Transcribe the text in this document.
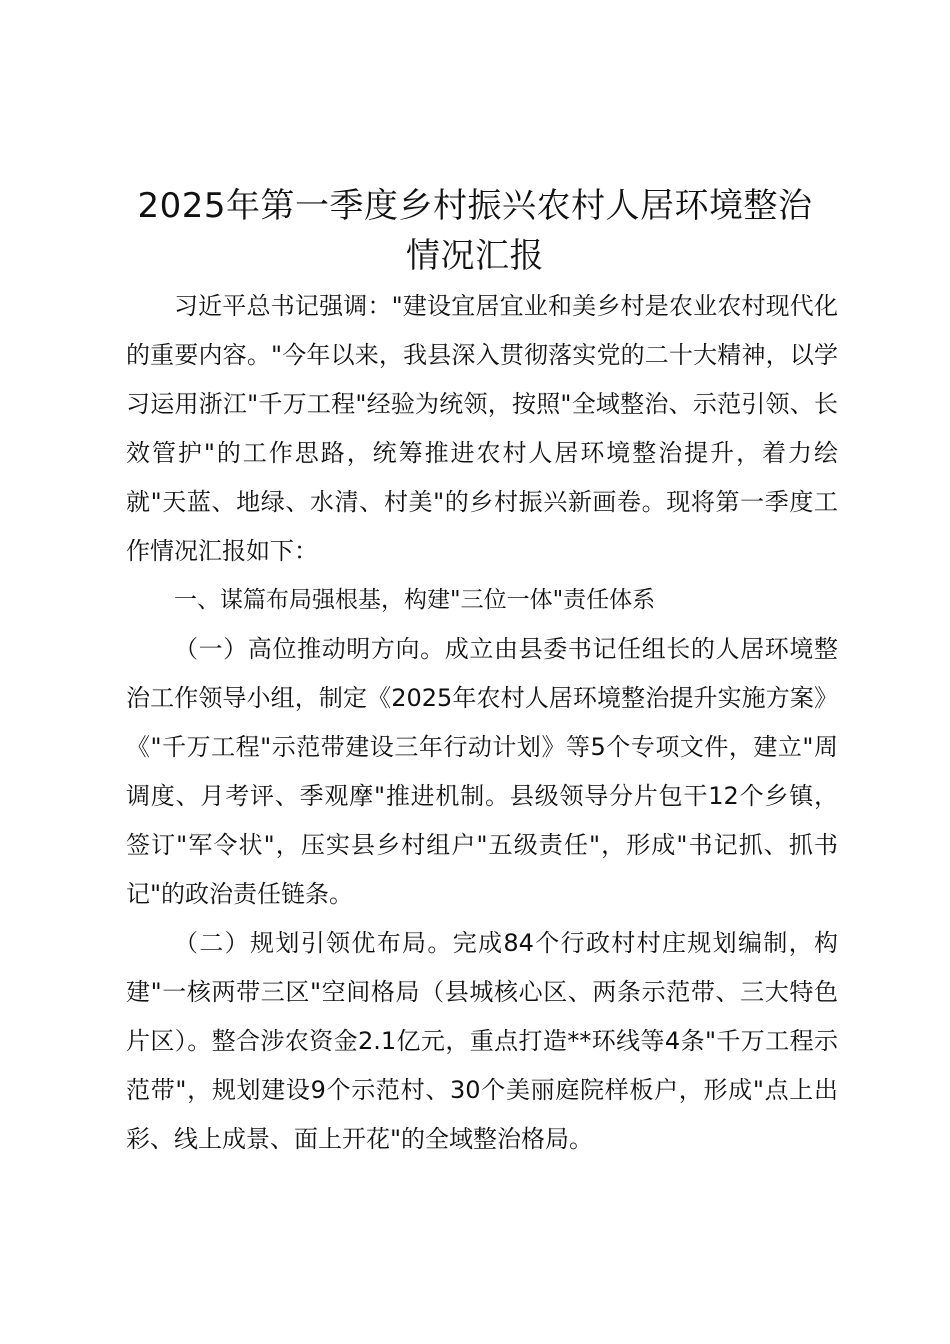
2025年第一季度乡村振兴农村人居环境整治
情况汇报

习近平总书记强调："建设宜居宜业和美乡村是农业农村现代化的重要内容。"今年以来，我县深入贯彻落实党的二十大精神，以学习运用浙江"千万工程"经验为统领，按照"全域整治、示范引领、长效管护"的工作思路，统筹推进农村人居环境整治提升，着力绘就"天蓝、地绿、水清、村美"的乡村振兴新画卷。现将第一季度工作情况汇报如下：

一、谋篇布局强根基，构建"三位一体"责任体系

（一）高位推动明方向。成立由县委书记任组长的人居环境整治工作领导小组，制定《2025年农村人居环境整治提升实施方案》《"千万工程"示范带建设三年行动计划》等5个专项文件，建立"周调度、月考评、季观摩"推进机制。县级领导分片包干12个乡镇，签订"军令状"，压实县乡村组户"五级责任"，形成"书记抓、抓书记"的政治责任链条。

（二）规划引领优布局。完成84个行政村村庄规划编制，构建"一核两带三区"空间格局（县城核心区、两条示范带、三大特色片区）。整合涉农资金2.1亿元，重点打造**环线等4条"千万工程示范带"，规划建设9个示范村、30个美丽庭院样板户，形成"点上出彩、线上成景、面上开花"的全域整治格局。
